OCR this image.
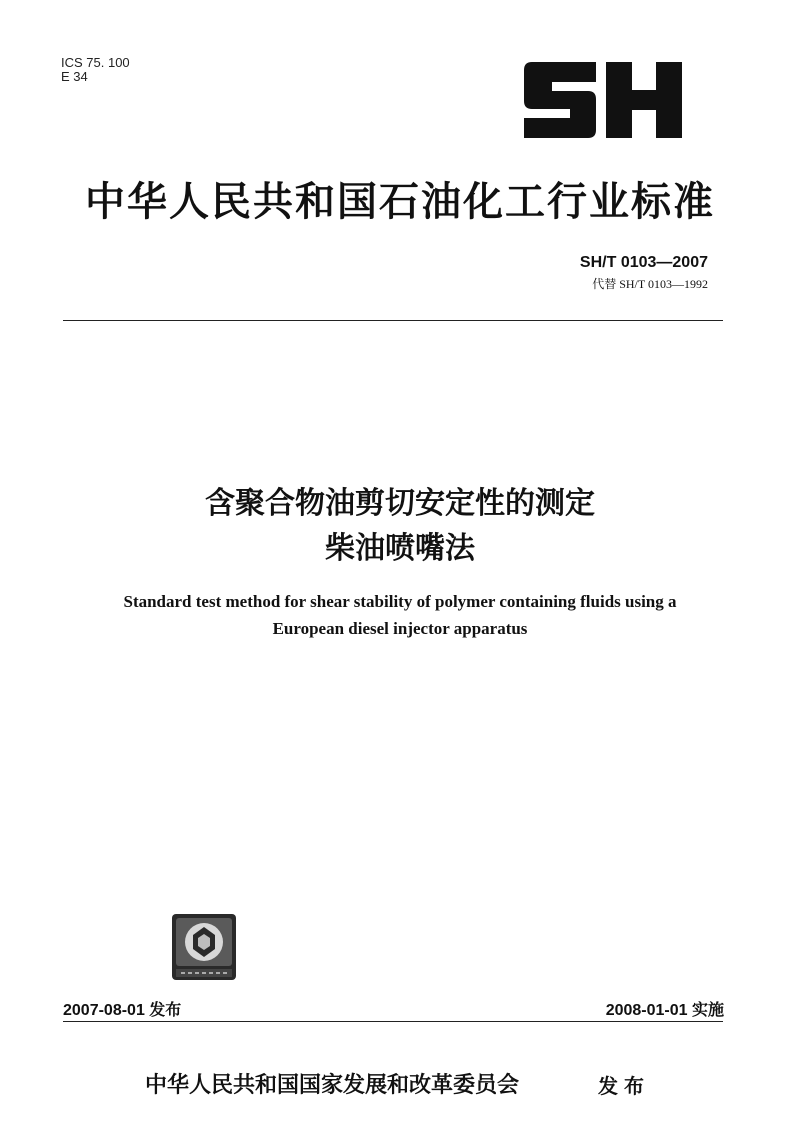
ICS 75. 100
E 34
中华人民共和国石油化工行业标准
SH/T 0103—2007
代替 SH/T 0103—1992
含聚合物油剪切安定性的测定
柴油喷嘴法
Standard test method for shear stability of polymer containing fluids using a
European diesel injector apparatus
2007-08-01 发布	2008-01-01 实施
中华人民共和国国家发展和改革委员会	发布
